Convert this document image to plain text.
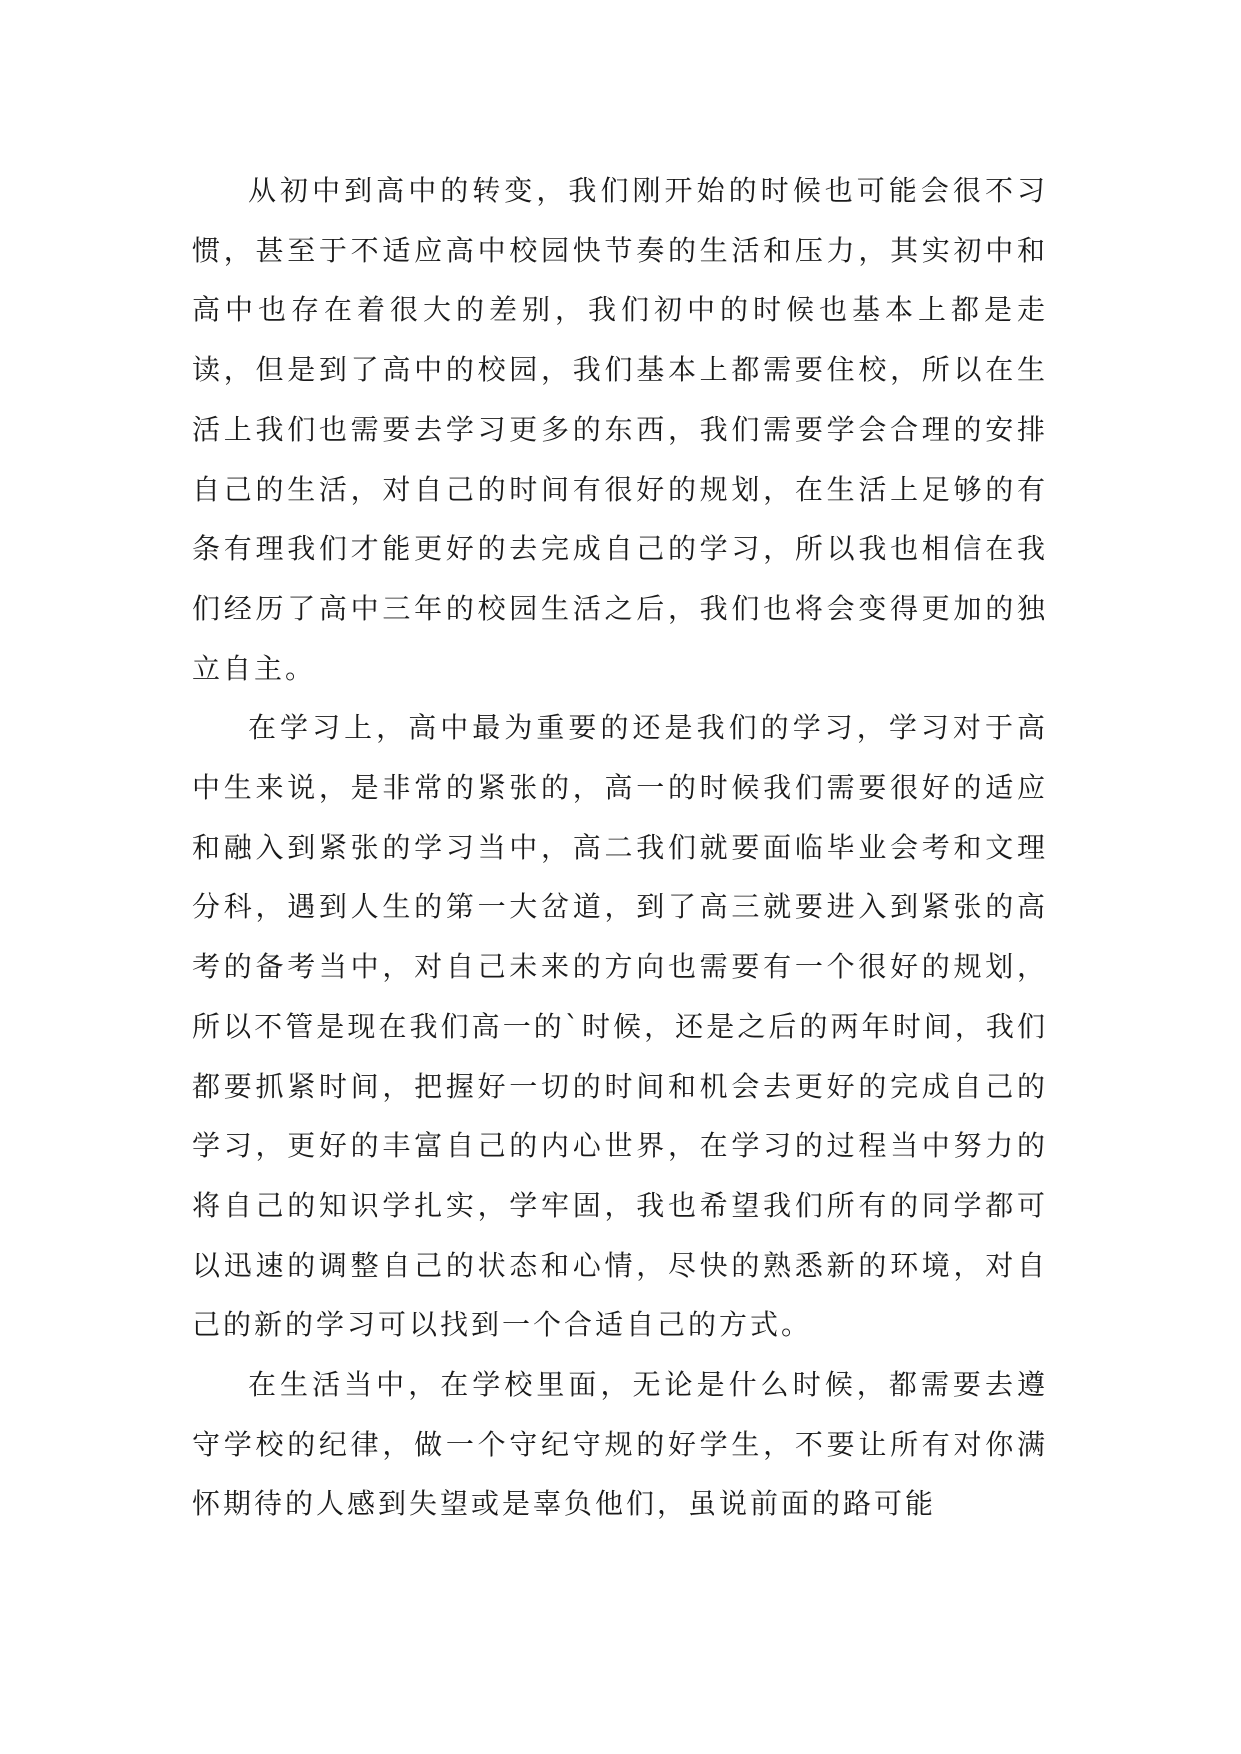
从初中到高中的转变，我们刚开始的时候也可能会很不习惯，甚至于不适应高中校园快节奏的生活和压力，其实初中和高中也存在着很大的差别，我们初中的时候也基本上都是走读，但是到了高中的校园，我们基本上都需要住校，所以在生活上我们也需要去学习更多的东西，我们需要学会合理的安排自己的生活，对自己的时间有很好的规划，在生活上足够的有条有理我们才能更好的去完成自己的学习，所以我也相信在我们经历了高中三年的校园生活之后，我们也将会变得更加的独立自主。

在学习上，高中最为重要的还是我们的学习，学习对于高中生来说，是非常的紧张的，高一的时候我们需要很好的适应和融入到紧张的学习当中，高二我们就要面临毕业会考和文理分科，遇到人生的第一大岔道，到了高三就要进入到紧张的高考的备考当中，对自己未来的方向也需要有一个很好的规划，所以不管是现在我们高一的`时候，还是之后的两年时间，我们都要抓紧时间，把握好一切的时间和机会去更好的完成自己的学习，更好的丰富自己的内心世界，在学习的过程当中努力的将自己的知识学扎实，学牢固，我也希望我们所有的同学都可以迅速的调整自己的状态和心情，尽快的熟悉新的环境，对自己的新的学习可以找到一个合适自己的方式。

在生活当中，在学校里面，无论是什么时候，都需要去遵守学校的纪律，做一个守纪守规的好学生，不要让所有对你满怀期待的人感到失望或是辜负他们，虽说前面的路可能
